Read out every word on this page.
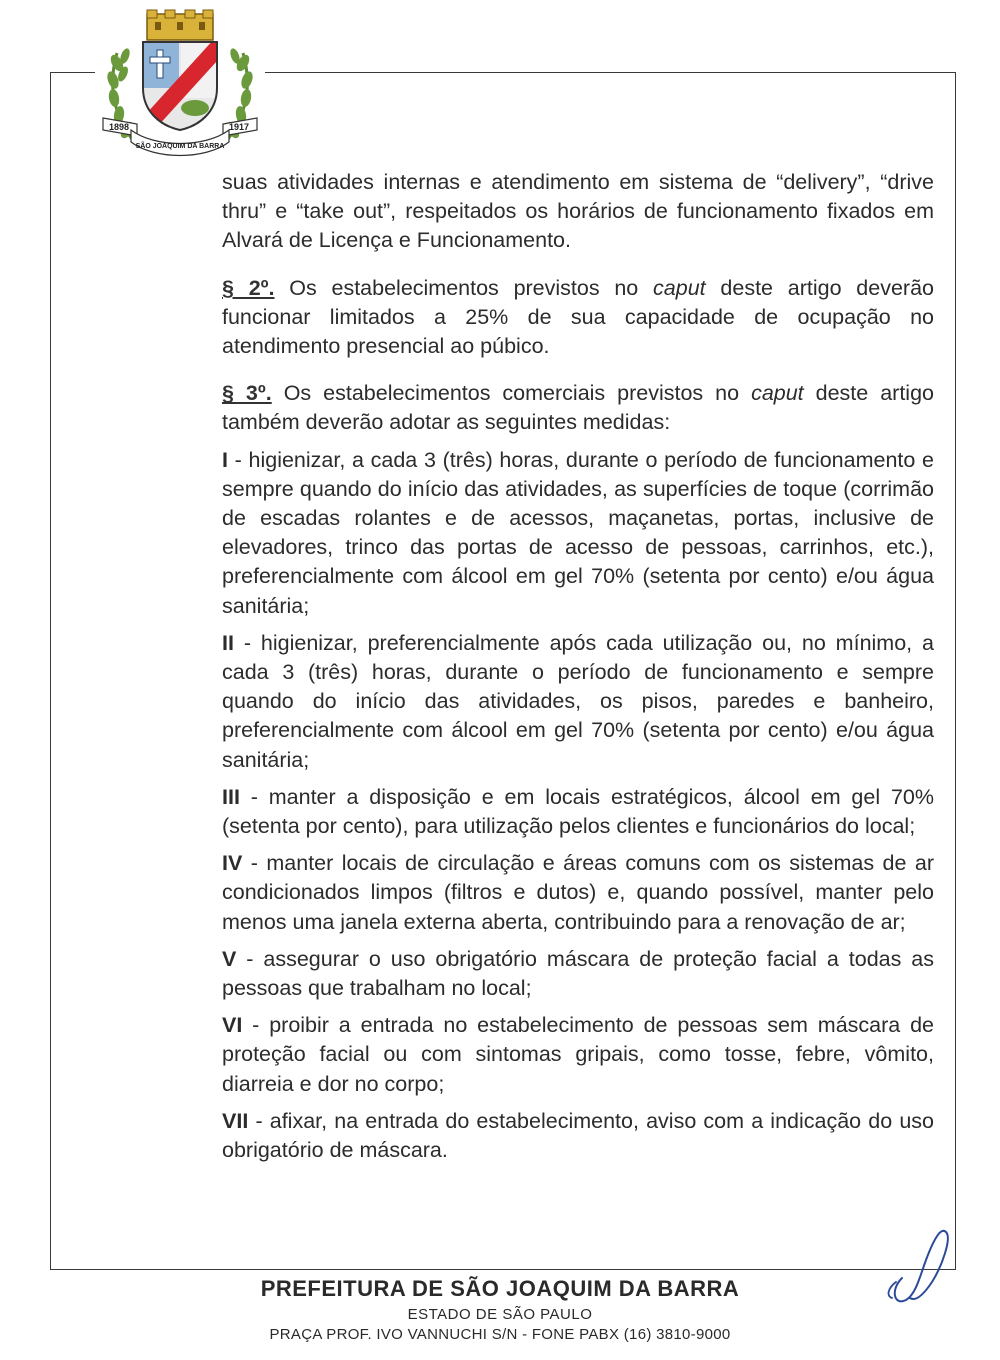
1898	1917
SÃO JOAQUIM DA BARRA

suas atividades internas e atendimento em sistema de “delivery”, “drive thru” e “take out”, respeitados os horários de funcionamento fixados em Alvará de Licença e Funcionamento.

§ 2º. Os estabelecimentos previstos no caput deste artigo deverão funcionar limitados a 25% de sua capacidade de ocupação no atendimento presencial ao púbico.

§ 3º. Os estabelecimentos comerciais previstos no caput deste artigo também deverão adotar as seguintes medidas:

I - higienizar, a cada 3 (três) horas, durante o período de funcionamento e sempre quando do início das atividades, as superfícies de toque (corrimão de escadas rolantes e de acessos, maçanetas, portas, inclusive de elevadores, trinco das portas de acesso de pessoas, carrinhos, etc.), preferencialmente com álcool em gel 70% (setenta por cento) e/ou água sanitária;

II - higienizar, preferencialmente após cada utilização ou, no mínimo, a cada 3 (três) horas, durante o período de funcionamento e sempre quando do início das atividades, os pisos, paredes e banheiro, preferencialmente com álcool em gel 70% (setenta por cento) e/ou água sanitária;

III - manter a disposição e em locais estratégicos, álcool em gel 70% (setenta por cento), para utilização pelos clientes e funcionários do local;

IV - manter locais de circulação e áreas comuns com os sistemas de ar condicionados limpos (filtros e dutos) e, quando possível, manter pelo menos uma janela externa aberta, contribuindo para a renovação de ar;

V - assegurar o uso obrigatório máscara de proteção facial a todas as pessoas que trabalham no local;

VI - proibir a entrada no estabelecimento de pessoas sem máscara de proteção facial ou com sintomas gripais, como tosse, febre, vômito, diarreia e dor no corpo;

VII - afixar, na entrada do estabelecimento, aviso com a indicação do uso obrigatório de máscara.

PREFEITURA DE SÃO JOAQUIM DA BARRA
ESTADO DE SÃO PAULO
PRAÇA PROF. IVO VANNUCHI S/N - FONE PABX (16) 3810-9000
